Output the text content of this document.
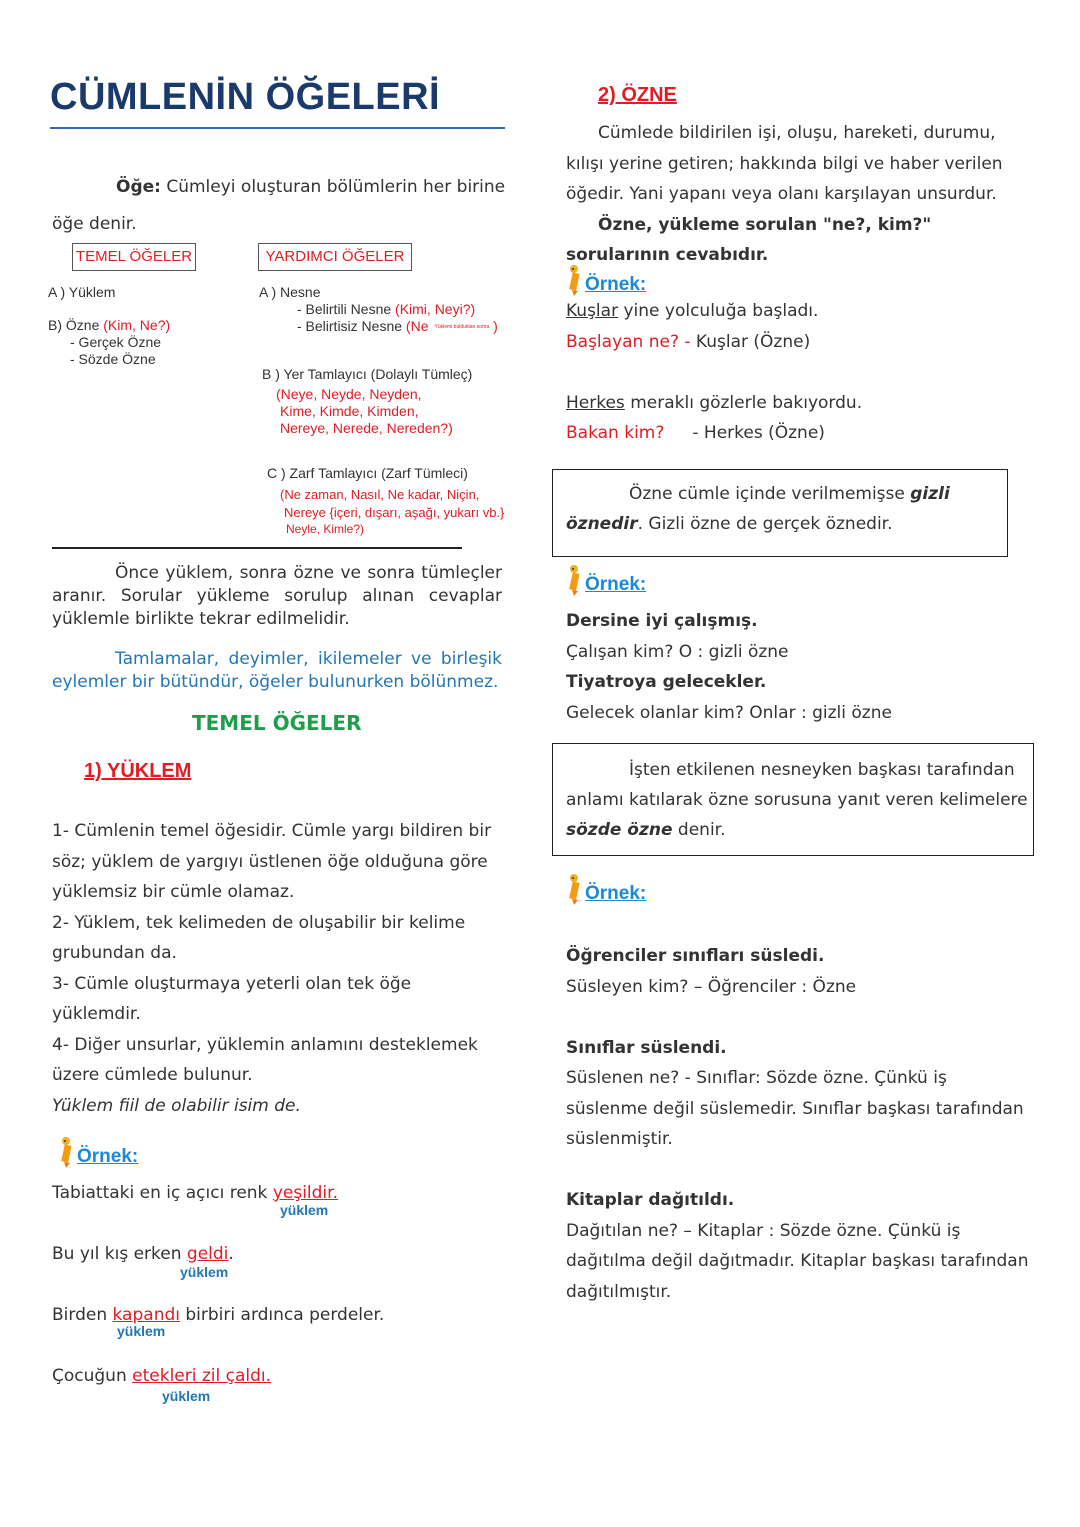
CÜMLENİN ÖĞELERİ
Öğe: Cümleyi oluşturan bölümlerin her birine
öğe denir.
TEMEL ÖĞELER	YARDIMCI ÖĞELER
A ) Yüklem
B) Özne (Kim, Ne?)
- Gerçek Özne
- Sözde Özne
A ) Nesne
- Belirtili Nesne (Kimi, Neyi?)
- Belirtisiz Nesne (Ne Yüklemi bulduktan sonra )
B ) Yer Tamlayıcı (Dolaylı Tümleç)
(Neye, Neyde, Neyden,
Kime, Kimde, Kimden,
Nereye, Nerede, Nereden?)
C ) Zarf Tamlayıcı (Zarf Tümleci)
(Ne zaman, Nasıl, Ne kadar, Niçin,
Nereye {içeri, dışarı, aşağı, yukarı vb.}
Neyle, Kimle?)
Önce yüklem, sonra özne ve sonra tümleçler
aranır. Sorular yükleme sorulup alınan cevaplar
yüklemle birlikte tekrar edilmelidir.
Tamlamalar, deyimler, ikilemeler ve birleşik
eylemler bir bütündür, öğeler bulunurken bölünmez.
TEMEL ÖĞELER
1) YÜKLEM
1- Cümlenin temel öğesidir. Cümle yargı bildiren bir
söz; yüklem de yargıyı üstlenen öğe olduğuna göre
yüklemsiz bir cümle olamaz.
2- Yüklem, tek kelimeden de oluşabilir bir kelime
grubundan da.
3- Cümle oluşturmaya yeterli olan tek öğe
yüklemdir.
4- Diğer unsurlar, yüklemin anlamını desteklemek
üzere cümlede bulunur.
Yüklem fiil de olabilir isim de.
Örnek:
Tabiattaki en iç açıcı renk yeşildir.
yüklem
Bu yıl kış erken geldi.
yüklem
Birden kapandı birbiri ardınca perdeler.
yüklem
Çocuğun etekleri zil çaldı.
yüklem
2) ÖZNE
Cümlede bildirilen işi, oluşu, hareketi, durumu,
kılışı yerine getiren; hakkında bilgi ve haber verilen
öğedir. Yani yapanı veya olanı karşılayan unsurdur.
Özne, yükleme sorulan "ne?, kim?"
sorularının cevabıdır.
Örnek:
Kuşlar yine yolculuğa başladı.
Başlayan ne? - Kuşlar (Özne)
Herkes meraklı gözlerle bakıyordu.
Bakan kim? - Herkes (Özne)
Özne cümle içinde verilmemişse gizli
öznedir. Gizli özne de gerçek öznedir.
Örnek:
Dersine iyi çalışmış.
Çalışan kim? O : gizli özne
Tiyatroya gelecekler.
Gelecek olanlar kim? Onlar : gizli özne
İşten etkilenen nesneyken başkası tarafından
anlamı katılarak özne sorusuna yanıt veren kelimelere
sözde özne denir.
Örnek:
Öğrenciler sınıfları süsledi.
Süsleyen kim? – Öğrenciler : Özne
Sınıflar süslendi.
Süslenen ne? - Sınıflar: Sözde özne. Çünkü iş
süslenme değil süslemedir. Sınıflar başkası tarafından
süslenmiştir.
Kitaplar dağıtıldı.
Dağıtılan ne? – Kitaplar : Sözde özne. Çünkü iş
dağıtılma değil dağıtmadır. Kitaplar başkası tarafından
dağıtılmıştır.
